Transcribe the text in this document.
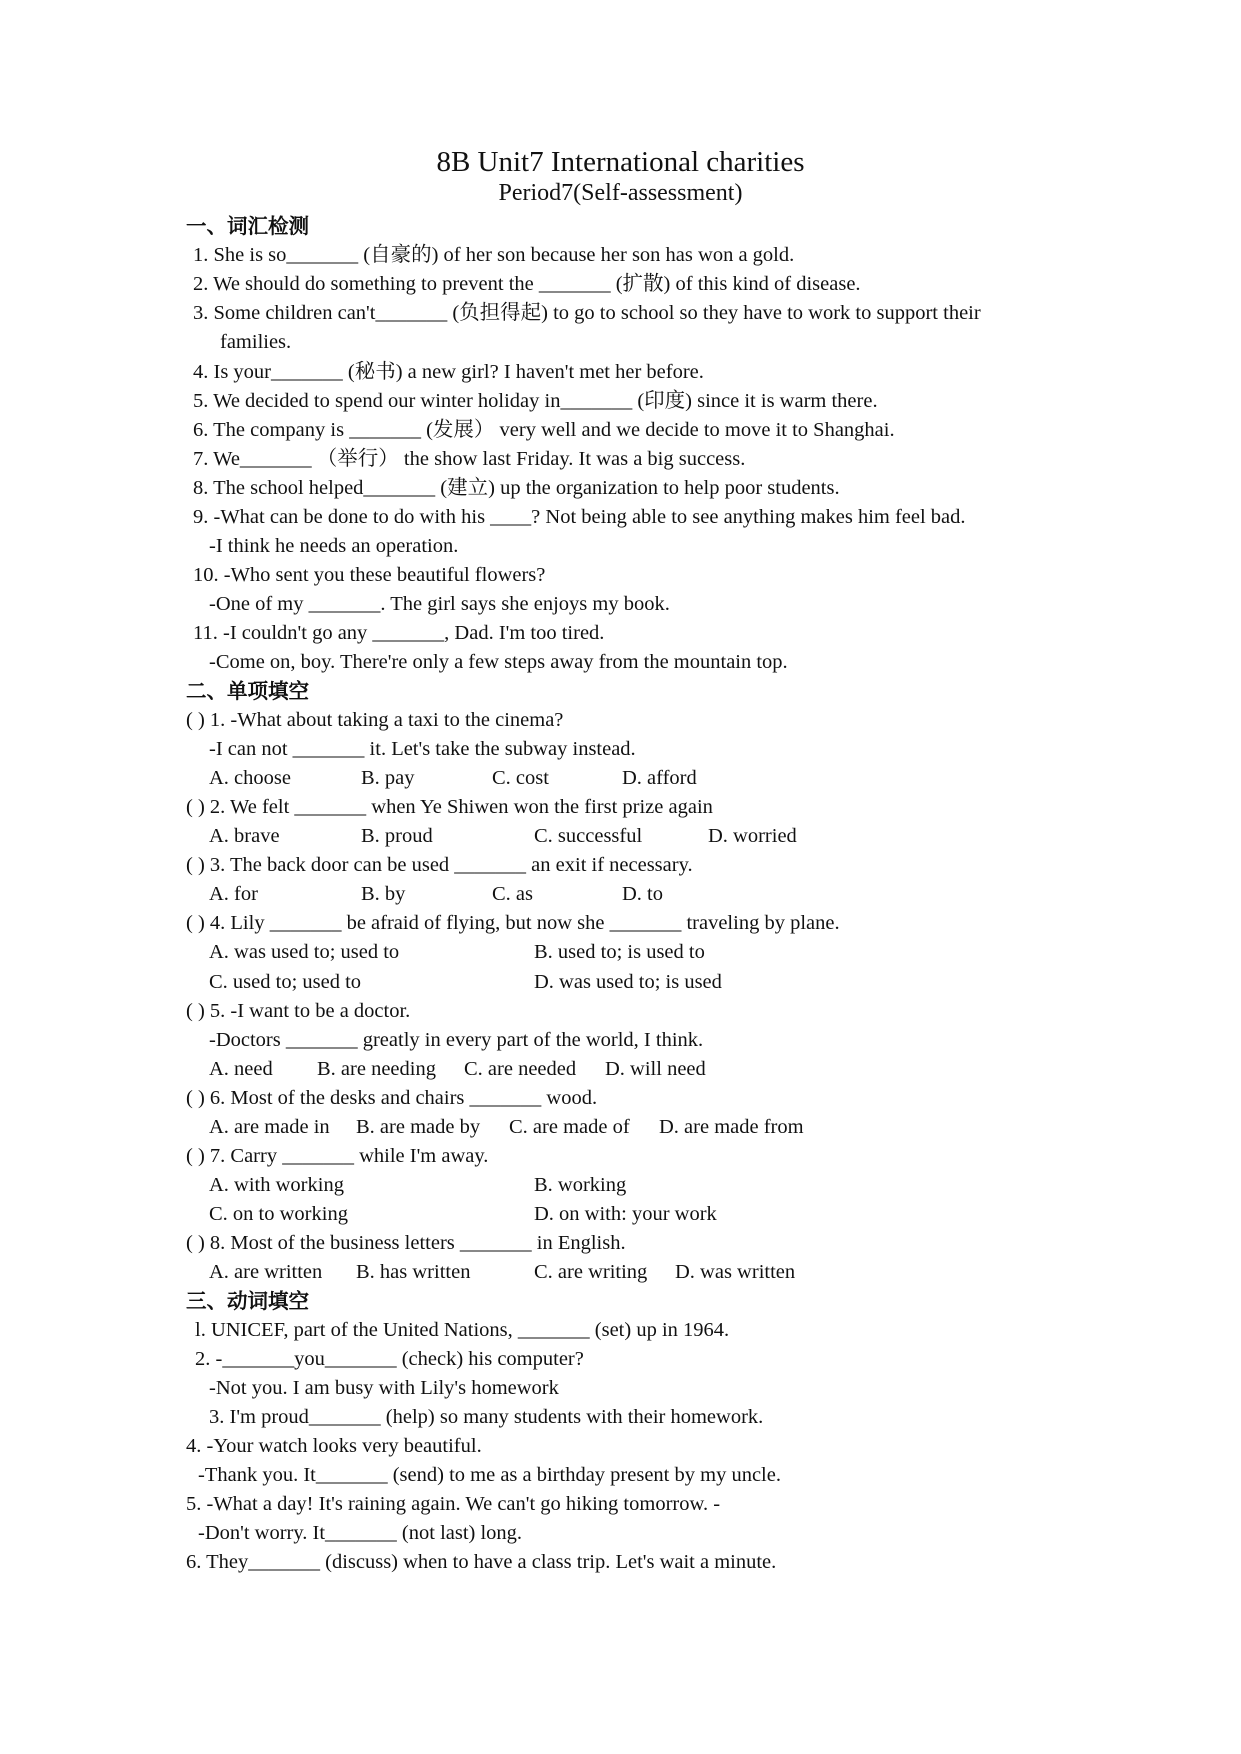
8B Unit7 International charities
Period7(Self-assessment)
一、词汇检测
1. She is so_______ (自豪的) of her son because her son has won a gold.
2. We should do something to prevent the _______ (扩散) of this kind of disease.
3. Some children can't_______ (负担得起) to go to school so they have to work to support their
families.
4. Is your_______ (秘书) a new girl? I haven't met her before.
5. We decided to spend our winter holiday in_______ (印度) since it is warm there.
6. The company is _______ (发展） very well and we decide to move it to Shanghai.
7. We_______ （举行） the show last Friday. It was a big success.
8. The school helped_______ (建立) up the organization to help poor students.
9. -What can be done to do with his ____? Not being able to see anything makes him feel bad.
-I think he needs an operation.
10. -Who sent you these beautiful flowers?
-One of my _______. The girl says she enjoys my book.
11. -I couldn't go any _______, Dad. I'm too tired.
-Come on, boy. There're only a few steps away from the mountain top.
二、单项填空
( ) 1. -What about taking a taxi to the cinema?
-I can not _______ it. Let's take the subway instead.
A. choose	B. pay	C. cost	D. afford
( ) 2. We felt _______ when Ye Shiwen won the first prize again
A. brave	B. proud	C. successful	D. worried
( ) 3. The back door can be used _______ an exit if necessary.
A. for	B. by	C. as	D. to
( ) 4. Lily _______ be afraid of flying, but now she _______ traveling by plane.
A. was used to; used to	B. used to; is used to
C. used to; used to	D. was used to; is used
( ) 5. -I want to be a doctor.
-Doctors _______ greatly in every part of the world, I think.
A. need B. are needing C. are needed D. will need
( ) 6. Most of the desks and chairs _______ wood.
A. are made in B. are made by C. are made of D. are made from
( ) 7. Carry _______ while I'm away.
A. with working	B. working
C. on to working	D. on with: your work
( ) 8. Most of the business letters _______ in English.
A. are written B. has written	C. are writing D. was written
三、动词填空
l. UNICEF, part of the United Nations, _______ (set) up in 1964.
2. -_______you_______ (check) his computer?
-Not you. I am busy with Lily's homework
3. I'm proud_______ (help) so many students with their homework.
4. -Your watch looks very beautiful.
-Thank you. It_______ (send) to me as a birthday present by my uncle.
5. -What a day! It's raining again. We can't go hiking tomorrow. -
-Don't worry. It_______ (not last) long.
6. They_______ (discuss) when to have a class trip. Let's wait a minute.
